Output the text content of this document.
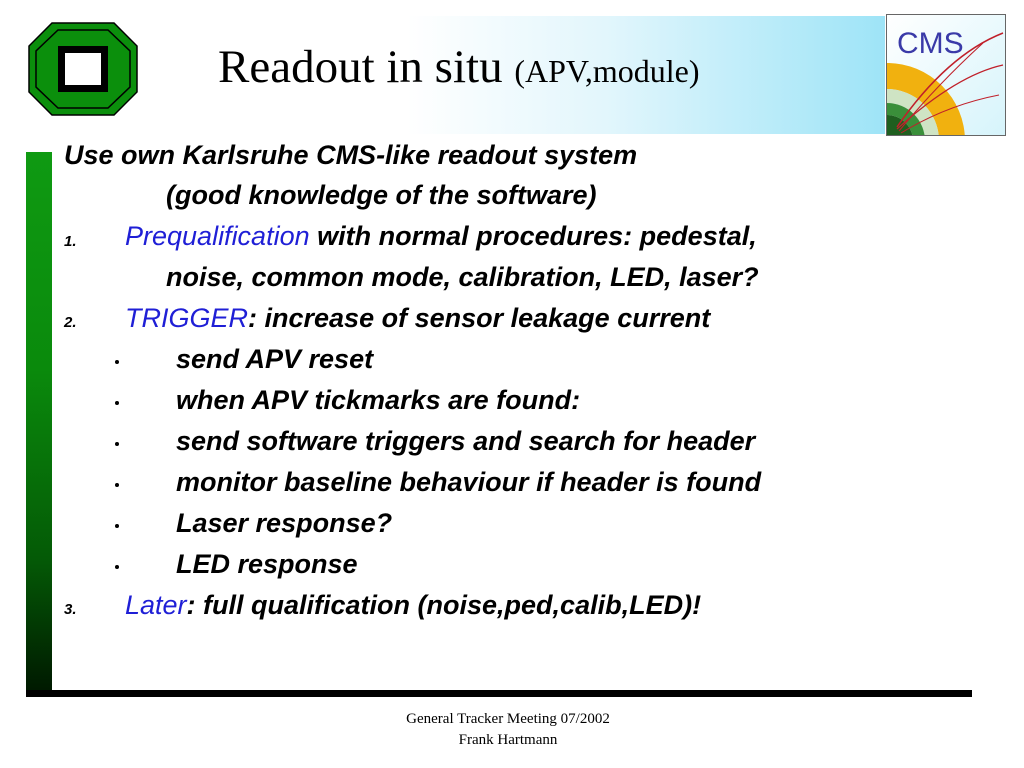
Readout in situ (APV,module)
CMS
Use own Karlsruhe CMS-like readout system
(good knowledge of the software)
1. Prequalification with normal procedures: pedestal,
noise, common mode, calibration, LED, laser?
2. TRIGGER: increase of sensor leakage current
send APV reset
when APV tickmarks are found:
send software triggers and search for header
monitor baseline behaviour if header is found
Laser response?
LED response
3. Later: full qualification (noise,ped,calib,LED)!
General Tracker Meeting 07/2002
Frank Hartmann
